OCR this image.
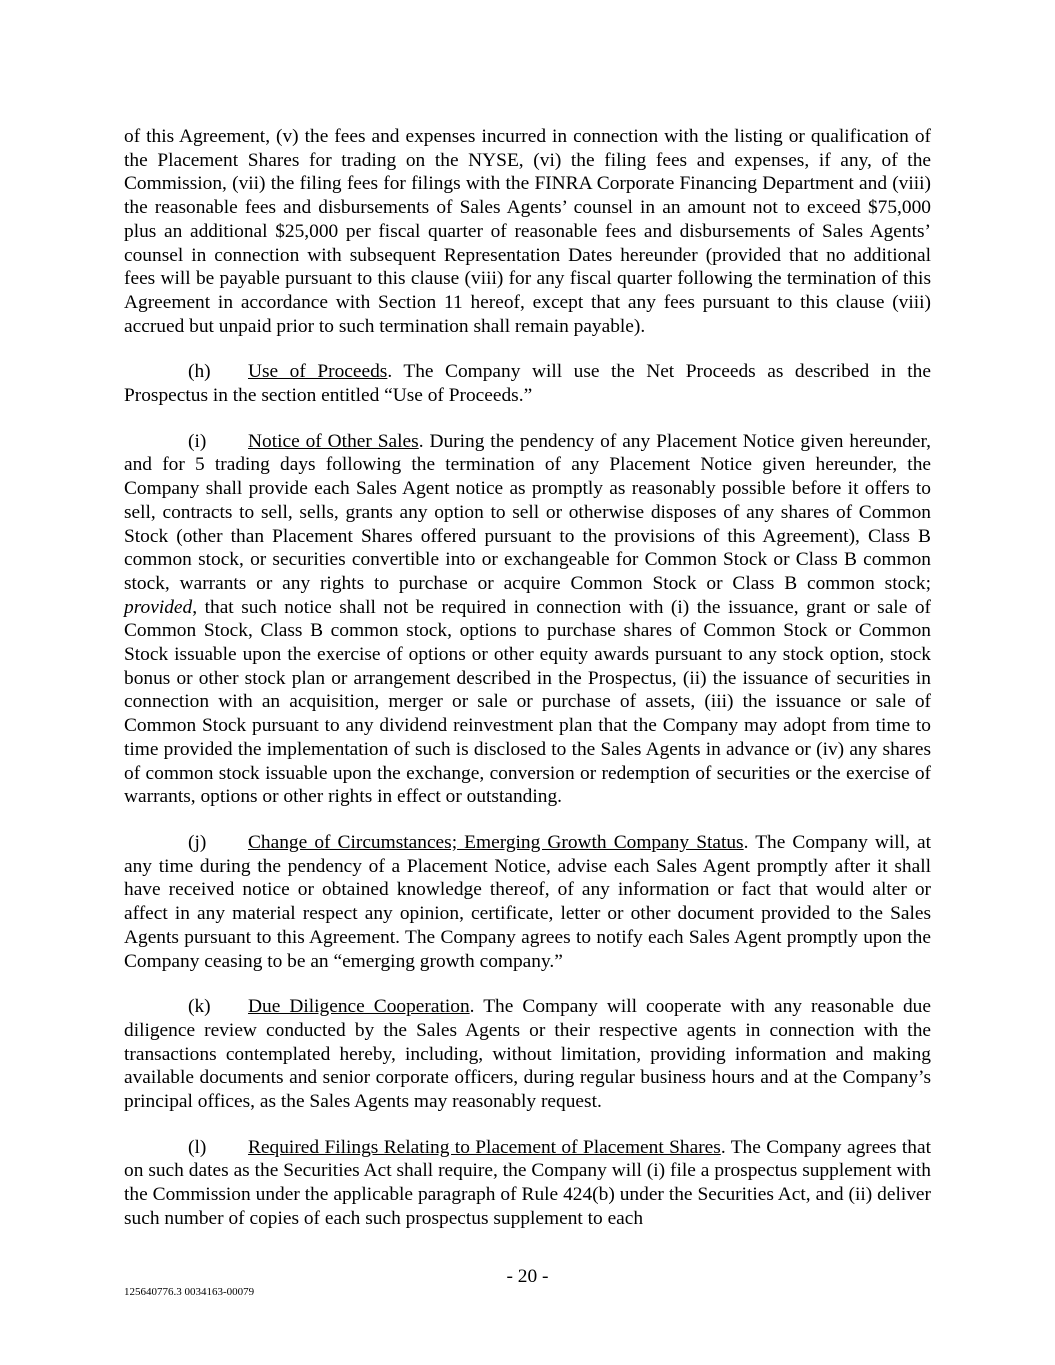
of this Agreement, (v) the fees and expenses incurred in connection with the listing or qualification of the Placement Shares for trading on the NYSE, (vi) the filing fees and expenses, if any, of the Commission, (vii) the filing fees for filings with the FINRA Corporate Financing Department and (viii) the reasonable fees and disbursements of Sales Agents’ counsel in an amount not to exceed $75,000 plus an additional $25,000 per fiscal quarter of reasonable fees and disbursements of Sales Agents’ counsel in connection with subsequent Representation Dates hereunder (provided that no additional fees will be payable pursuant to this clause (viii) for any fiscal quarter following the termination of this Agreement in accordance with Section 11 hereof, except that any fees pursuant to this clause (viii) accrued but unpaid prior to such termination shall remain payable).

(h) Use of Proceeds. The Company will use the Net Proceeds as described in the Prospectus in the section entitled “Use of Proceeds.”

(i) Notice of Other Sales. During the pendency of any Placement Notice given hereunder, and for 5 trading days following the termination of any Placement Notice given hereunder, the Company shall provide each Sales Agent notice as promptly as reasonably possible before it offers to sell, contracts to sell, sells, grants any option to sell or otherwise disposes of any shares of Common Stock (other than Placement Shares offered pursuant to the provisions of this Agreement), Class B common stock, or securities convertible into or exchangeable for Common Stock or Class B common stock, warrants or any rights to purchase or acquire Common Stock or Class B common stock; provided, that such notice shall not be required in connection with (i) the issuance, grant or sale of Common Stock, Class B common stock, options to purchase shares of Common Stock or Common Stock issuable upon the exercise of options or other equity awards pursuant to any stock option, stock bonus or other stock plan or arrangement described in the Prospectus, (ii) the issuance of securities in connection with an acquisition, merger or sale or purchase of assets, (iii) the issuance or sale of Common Stock pursuant to any dividend reinvestment plan that the Company may adopt from time to time provided the implementation of such is disclosed to the Sales Agents in advance or (iv) any shares of common stock issuable upon the exchange, conversion or redemption of securities or the exercise of warrants, options or other rights in effect or outstanding.

(j) Change of Circumstances; Emerging Growth Company Status. The Company will, at any time during the pendency of a Placement Notice, advise each Sales Agent promptly after it shall have received notice or obtained knowledge thereof, of any information or fact that would alter or affect in any material respect any opinion, certificate, letter or other document provided to the Sales Agents pursuant to this Agreement. The Company agrees to notify each Sales Agent promptly upon the Company ceasing to be an “emerging growth company.”

(k) Due Diligence Cooperation. The Company will cooperate with any reasonable due diligence review conducted by the Sales Agents or their respective agents in connection with the transactions contemplated hereby, including, without limitation, providing information and making available documents and senior corporate officers, during regular business hours and at the Company’s principal offices, as the Sales Agents may reasonably request.

(l) Required Filings Relating to Placement of Placement Shares. The Company agrees that on such dates as the Securities Act shall require, the Company will (i) file a prospectus supplement with the Commission under the applicable paragraph of Rule 424(b) under the Securities Act, and (ii) deliver such number of copies of each such prospectus supplement to each

- 20 -
125640776.3 0034163-00079
